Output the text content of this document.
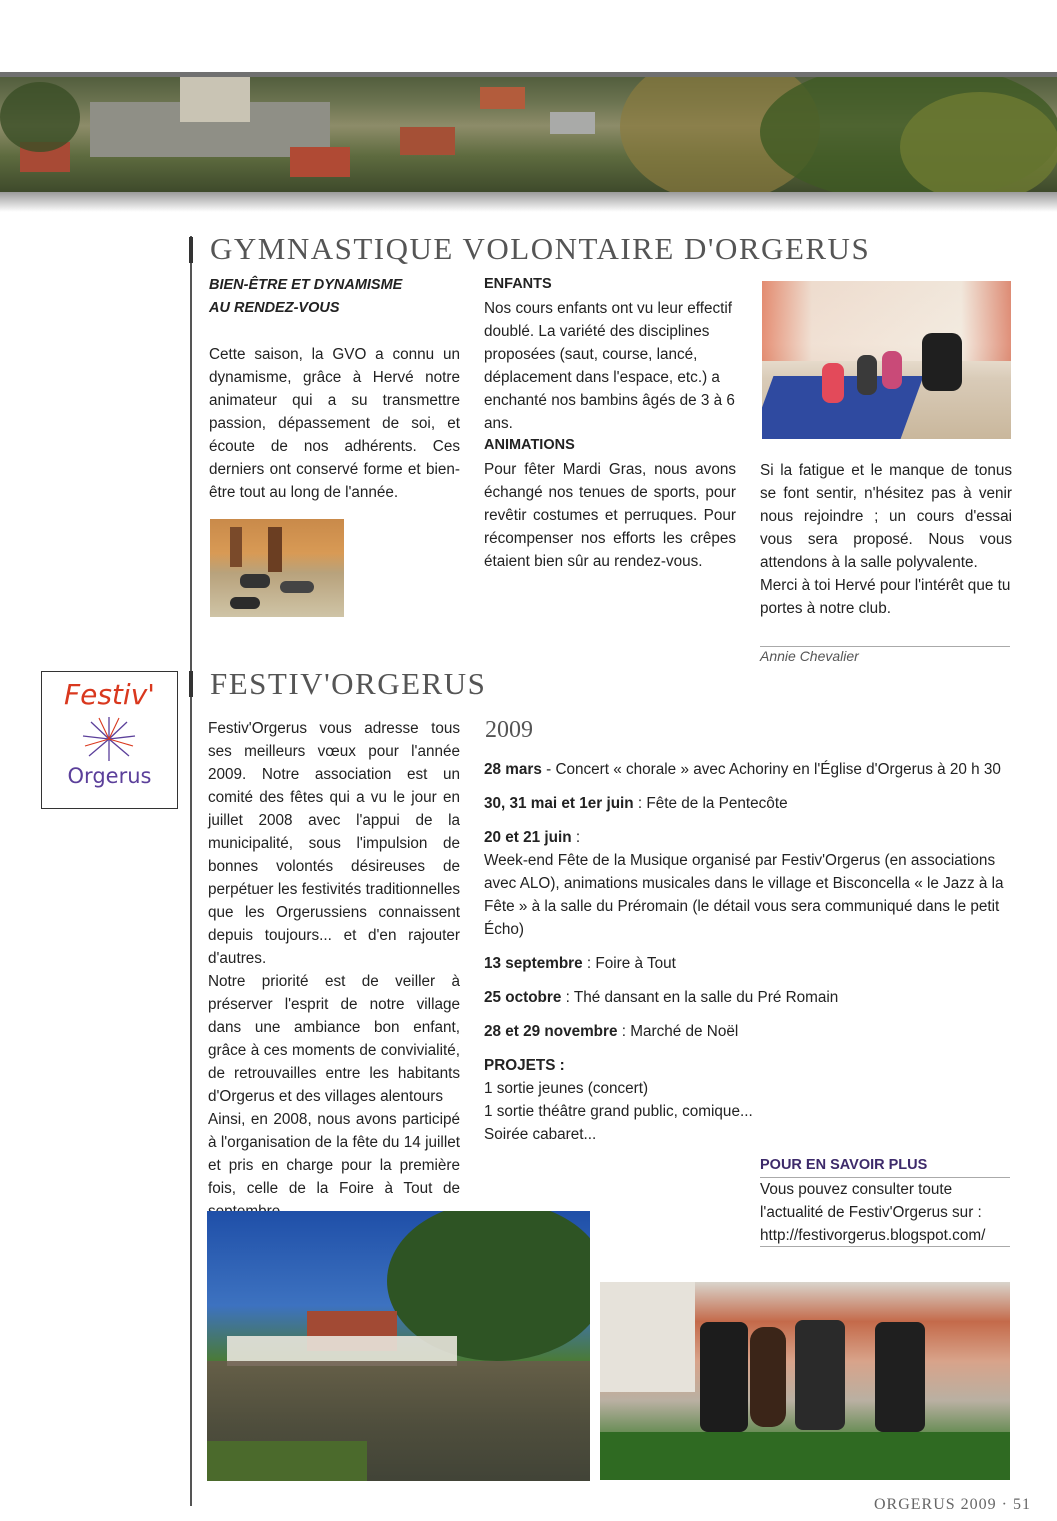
GYMNASTIQUE VOLONTAIRE D'ORGERUS
BIEN-ÊTRE ET DYNAMISME
AU RENDEZ-VOUS
Cette saison, la GVO a connu un dynamisme, grâce à Hervé notre animateur qui a su transmettre passion, dépassement de soi, et écoute de nos adhérents. Ces derniers ont conservé forme et bien-être tout au long de l'année.
ENFANTS
Nos cours enfants ont vu leur effectif doublé. La variété des disciplines proposées (saut, course, lancé, déplacement dans l'espace, etc.) a enchanté nos bambins âgés de 3 à 6 ans.
ANIMATIONS
Pour fêter Mardi Gras, nous avons échangé nos tenues de sports, pour revêtir costumes et perruques. Pour récompenser nos efforts les crêpes étaient bien sûr au rendez-vous.

Si la fatigue et le manque de tonus se font sentir, n'hésitez pas à venir nous rejoindre ; un cours d'essai vous sera proposé. Nous vous attendons à la salle polyvalente.

Merci à toi Hervé pour l'intérêt que tu portes à notre club.

Annie Chevalier
Festiv'
Orgerus
FESTIV'ORGERUS

Festiv'Orgerus vous adresse tous ses meilleurs vœux pour l'année 2009. Notre association est un comité des fêtes qui a vu le jour en juillet 2008 avec l'appui de la municipalité, sous l'impulsion de bonnes volontés désireuses de perpétuer les festivités traditionnelles que les Orgerussiens connaissent depuis toujours... et d'en rajouter d'autres.

Notre priorité est de veiller à préserver l'esprit de notre village dans une ambiance bon enfant, grâce à ces moments de convivialité, de retrouvailles entre les habitants d'Orgerus et des villages alentours

Ainsi, en 2008, nous avons participé à l'organisation de la fête du 14 juillet et pris en charge pour la première fois, celle de la Foire à Tout de

2009
28 mars - Concert « chorale » avec Achoriny en l'Église d'Orgerus à 20 h 30
30, 31 mai et 1er juin : Fête de la Pentecôte
20 et 21 juin :
Week-end Fête de la Musique organisé par Festiv'Orgerus (en associations avec ALO), animations musicales dans le village et Bisconcella « le Jazz à la Fête » à la salle du Préromain (le détail vous sera communiqué dans le petit Écho)
13 septembre : Foire à Tout
25 octobre : Thé dansant en la salle du Pré Romain
28 et 29 novembre : Marché de Noël
PROJETS :
1 sortie jeunes (concert)
1 sortie théâtre grand public, comique...
Soirée cabaret...
POUR EN SAVOIR PLUS
Vous pouvez consulter toute l'actualité de Festiv'Orgerus sur :
http://festivorgerus.blogspot.com/
ORGERUS 2009 · 51
